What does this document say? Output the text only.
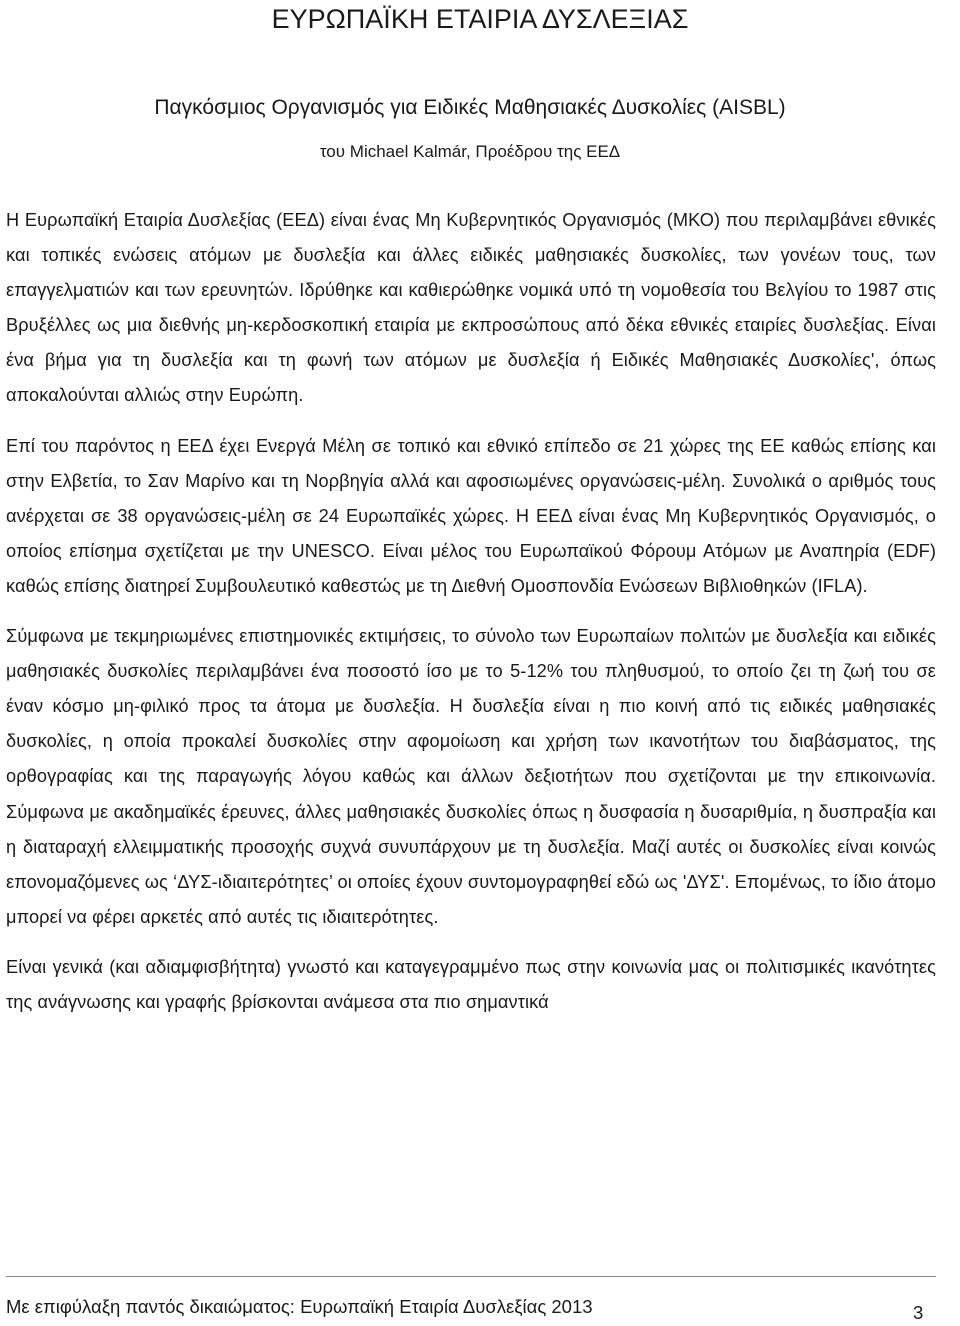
ΕΥΡΩΠΑΪΚΗ ΕΤΑΙΡΙΑ ΔΥΣΛΕΞΙΑΣ
Παγκόσμιος Οργανισμός για Ειδικές Μαθησιακές Δυσκολίες (AISBL)
του Michael Kalmár, Προέδρου της ΕΕΔ

Η Ευρωπαϊκή Εταιρία Δυσλεξίας (ΕΕΔ) είναι ένας Μη Κυβερνητικός Οργανισμός (ΜΚΟ) που περιλαμβάνει εθνικές και τοπικές ενώσεις ατόμων με δυσλεξία και άλλες ειδικές μαθησιακές δυσκολίες, των γονέων τους, των επαγγελματιών και των ερευνητών. Ιδρύθηκε και καθιερώθηκε νομικά υπό τη νομοθεσία του Βελγίου το 1987 στις Βρυξέλλες ως μια διεθνής μη-κερδοσκοπική εταιρία με εκπροσώπους από δέκα εθνικές εταιρίες δυσλεξίας. Είναι ένα βήμα για τη δυσλεξία και τη φωνή των ατόμων με δυσλεξία ή Ειδικές Μαθησιακές Δυσκολίες', όπως αποκαλούνται αλλιώς στην Ευρώπη.

Επί του παρόντος η ΕΕΔ έχει Ενεργά Μέλη σε τοπικό και εθνικό επίπεδο σε 21 χώρες της ΕΕ καθώς επίσης και στην Ελβετία, το Σαν Μαρίνο και τη Νορβηγία αλλά και αφοσιωμένες οργανώσεις-μέλη. Συνολικά ο αριθμός τους ανέρχεται σε 38 οργανώσεις-μέλη σε 24 Ευρωπαϊκές χώρες. Η ΕΕΔ είναι ένας Μη Κυβερνητικός Οργανισμός, ο οποίος επίσημα σχετίζεται με την UNESCO. Είναι μέλος του Ευρωπαϊκού Φόρουμ Ατόμων με Αναπηρία (EDF) καθώς επίσης διατηρεί Συμβουλευτικό καθεστώς με τη Διεθνή Ομοσπονδία Ενώσεων Βιβλιοθηκών (IFLA).

Σύμφωνα με τεκμηριωμένες επιστημονικές εκτιμήσεις, το σύνολο των Ευρωπαίων πολιτών με δυσλεξία και ειδικές μαθησιακές δυσκολίες περιλαμβάνει ένα ποσοστό ίσο με το 5-12% του πληθυσμού, το οποίο ζει τη ζωή του σε έναν κόσμο μη-φιλικό προς τα άτομα με δυσλεξία. Η δυσλεξία είναι η πιο κοινή από τις ειδικές μαθησιακές δυσκολίες, η οποία προκαλεί δυσκολίες στην αφομοίωση και χρήση των ικανοτήτων του διαβάσματος, της ορθογραφίας και της παραγωγής λόγου καθώς και άλλων δεξιοτήτων που σχετίζονται με την επικοινωνία. Σύμφωνα με ακαδημαϊκές έρευνες, άλλες μαθησιακές δυσκολίες όπως η δυσφασία η δυσαριθμία, η δυσπραξία και η διαταραχή ελλειμματικής προσοχής συχνά συνυπάρχουν με τη δυσλεξία. Μαζί αυτές οι δυσκολίες είναι κοινώς επονομαζόμενες ως ‘ΔΥΣ-ιδιαιτερότητες’ οι οποίες έχουν συντομογραφηθεί εδώ ως 'ΔΥΣ'. Επομένως, το ίδιο άτομο μπορεί να φέρει αρκετές από αυτές τις ιδιαιτερότητες.

Είναι γενικά (και αδιαμφισβήτητα) γνωστό και καταγεγραμμένο πως στην κοινωνία μας οι πολιτισμικές ικανότητες της ανάγνωσης και γραφής βρίσκονται ανάμεσα στα πιο σημαντικά

Με επιφύλαξη παντός δικαιώματος: Ευρωπαϊκή Εταιρία Δυσλεξίας 2013	3
